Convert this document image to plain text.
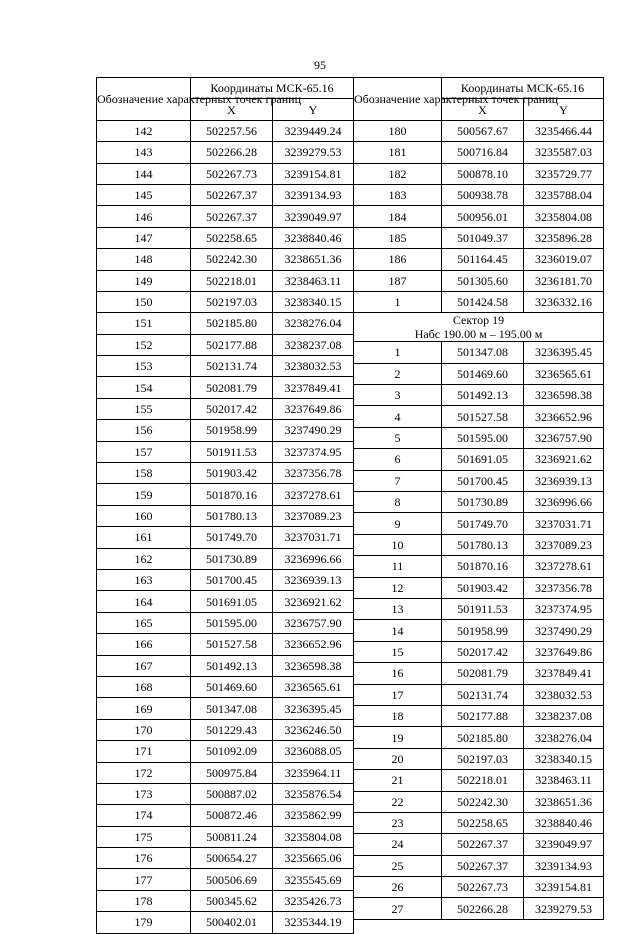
95
Обозначение характерных точек границ	Координаты МСК-65.16	
	X	Y
142	502257.56	3239449.24
143	502266.28	3239279.53
144	502267.73	3239154.81
145	502267.37	3239134.93
146	502267.37	3239049.97
147	502258.65	3238840.46
148	502242.30	3238651.36
149	502218.01	3238463.11
150	502197.03	3238340.15
151	502185.80	3238276.04
152	502177.88	3238237.08
153	502131.74	3238032.53
154	502081.79	3237849.41
155	502017.42	3237649.86
156	501958.99	3237490.29
157	501911.53	3237374.95
158	501903.42	3237356.78
159	501870.16	3237278.61
160	501780.13	3237089.23
161	501749.70	3237031.71
162	501730.89	3236996.66
163	501700.45	3236939.13
164	501691.05	3236921.62
165	501595.00	3236757.90
166	501527.58	3236652.96
167	501492.13	3236598.38
168	501469.60	3236565.61
169	501347.08	3236395.45
170	501229.43	3236246.50
171	501092.09	3236088.05
172	500975.84	3235964.11
173	500887.02	3235876.54
174	500872.46	3235862.99
175	500811.24	3235804.08
176	500654.27	3235665.06
177	500506.69	3235545.69
178	500345.62	3235426.73
179	500402.01	3235344.19
Обозначение характерных точек границ	Координаты МСК-65.16	
	X	Y
180	500567.67	3235466.44
181	500716.84	3235587.03
182	500878.10	3235729.77
183	500938.78	3235788.04
184	500956.01	3235804.08
185	501049.37	3235896.28
186	501164.45	3236019.07
187	501305.60	3236181.70
1	501424.58	3236332.16

Сектор 19
Набс 190.00 м – 195.00 м		

1	501347.08	3236395.45
2	501469.60	3236565.61
3	501492.13	3236598.38
4	501527.58	3236652.96
5	501595.00	3236757.90
6	501691.05	3236921.62
7	501700.45	3236939.13
8	501730.89	3236996.66
9	501749.70	3237031.71
10	501780.13	3237089.23
11	501870.16	3237278.61
12	501903.42	3237356.78
13	501911.53	3237374.95
14	501958.99	3237490.29
15	502017.42	3237649.86
16	502081.79	3237849.41
17	502131.74	3238032.53
18	502177.88	3238237.08
19	502185.80	3238276.04
20	502197.03	3238340.15
21	502218.01	3238463.11
22	502242.30	3238651.36
23	502258.65	3238840.46
24	502267.37	3239049.97
25	502267.37	3239134.93
26	502267.73	3239154.81
27	502266.28	3239279.53
